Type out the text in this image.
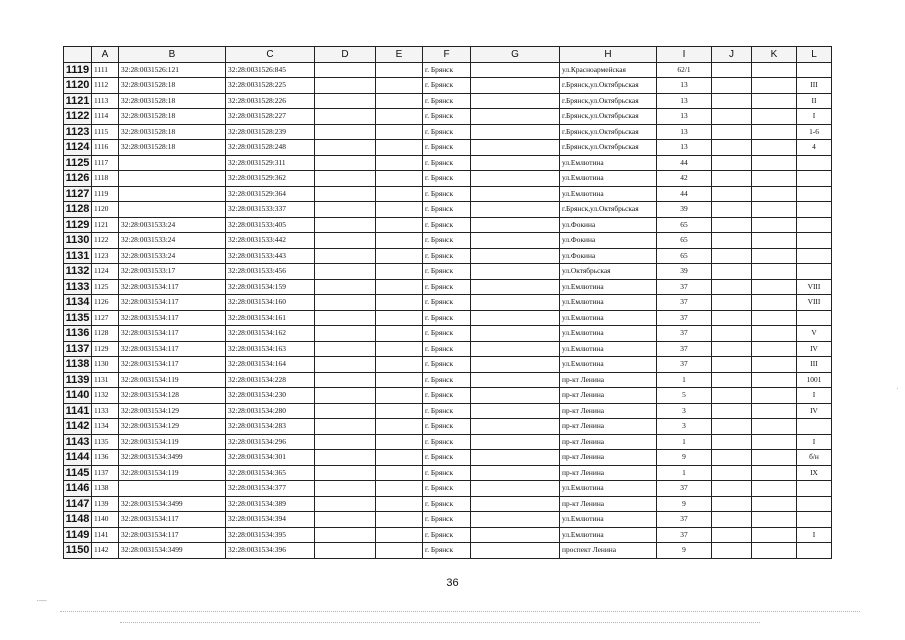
	A	B	C	D	E	F	G	H	I	J	K	L
1119	1111	32:28:0031526:121	32:28:0031526:845			г. Брянск		ул.Красноармейская	62/1			
1120	1112	32:28:0031528:18	32:28:0031528:225			г. Брянск		г.Брянск,ул.Октябрьская	13			III
1121	1113	32:28:0031528:18	32:28:0031528:226			г. Брянск		г.Брянск,ул.Октябрьская	13			II
1122	1114	32:28:0031528:18	32:28:0031528:227			г. Брянск		г.Брянск,ул.Октябрьская	13			I
1123	1115	32:28:0031528:18	32:28:0031528:239			г. Брянск		г.Брянск,ул.Октябрьская	13			1-6
1124	1116	32:28:0031528:18	32:28:0031528:248			г. Брянск		г.Брянск,ул.Октябрьская	13			4
1125	1117		32:28:0031529:311			г. Брянск		ул.Емлютина	44			
1126	1118		32:28:0031529:362			г. Брянск		ул.Емлютина	42			
1127	1119		32:28:0031529:364			г. Брянск		ул.Емлютина	44			
1128	1120		32:28:0031533:337			г. Брянск		г.Брянск,ул.Октябрьская	39			
1129	1121	32:28:0031533:24	32:28:0031533:405			г. Брянск		ул.Фокина	65			
1130	1122	32:28:0031533:24	32:28:0031533:442			г. Брянск		ул.Фокина	65			
1131	1123	32:28:0031533:24	32:28:0031533:443			г. Брянск		ул.Фокина	65			
1132	1124	32:28:0031533:17	32:28:0031533:456			г. Брянск		ул.Октябрьская	39			
1133	1125	32:28:0031534:117	32:28:0031534:159			г. Брянск		ул.Емлютина	37			VIII
1134	1126	32:28:0031534:117	32:28:0031534:160			г. Брянск		ул.Емлютина	37			VIII
1135	1127	32:28:0031534:117	32:28:0031534:161			г. Брянск		ул.Емлютина	37			
1136	1128	32:28:0031534:117	32:28:0031534:162			г. Брянск		ул.Емлютина	37			V
1137	1129	32:28:0031534:117	32:28:0031534:163			г. Брянск		ул.Емлютина	37			IV
1138	1130	32:28:0031534:117	32:28:0031534:164			г. Брянск		ул.Емлютина	37			III
1139	1131	32:28:0031534:119	32:28:0031534:228			г. Брянск		пр-кт Ленина	1			1001
1140	1132	32:28:0031534:128	32:28:0031534:230			г. Брянск		пр-кт Ленина	5			I
1141	1133	32:28:0031534:129	32:28:0031534:280			г. Брянск		пр-кт Ленина	3			IV
1142	1134	32:28:0031534:129	32:28:0031534:283			г. Брянск		пр-кт Ленина	3			
1143	1135	32:28:0031534:119	32:28:0031534:296			г. Брянск		пр-кт Ленина	1			I
1144	1136	32:28:0031534:3499	32:28:0031534:301			г. Брянск		пр-кт Ленина	9			б/н
1145	1137	32:28:0031534:119	32:28:0031534:365			г. Брянск		пр-кт Ленина	1			IX
1146	1138		32:28:0031534:377			г. Брянск		ул.Емлютина	37			
1147	1139	32:28:0031534:3499	32:28:0031534:389			г. Брянск		пр-кт Ленина	9			
1148	1140	32:28:0031534:117	32:28:0031534:394			г. Брянск		ул.Емлютина	37			
1149	1141	32:28:0031534:117	32:28:0031534:395			г. Брянск		ул.Емлютина	37			I
1150	1142	32:28:0031534:3499	32:28:0031534:396			г. Брянск		проспект Ленина	9			
36
·—
·
